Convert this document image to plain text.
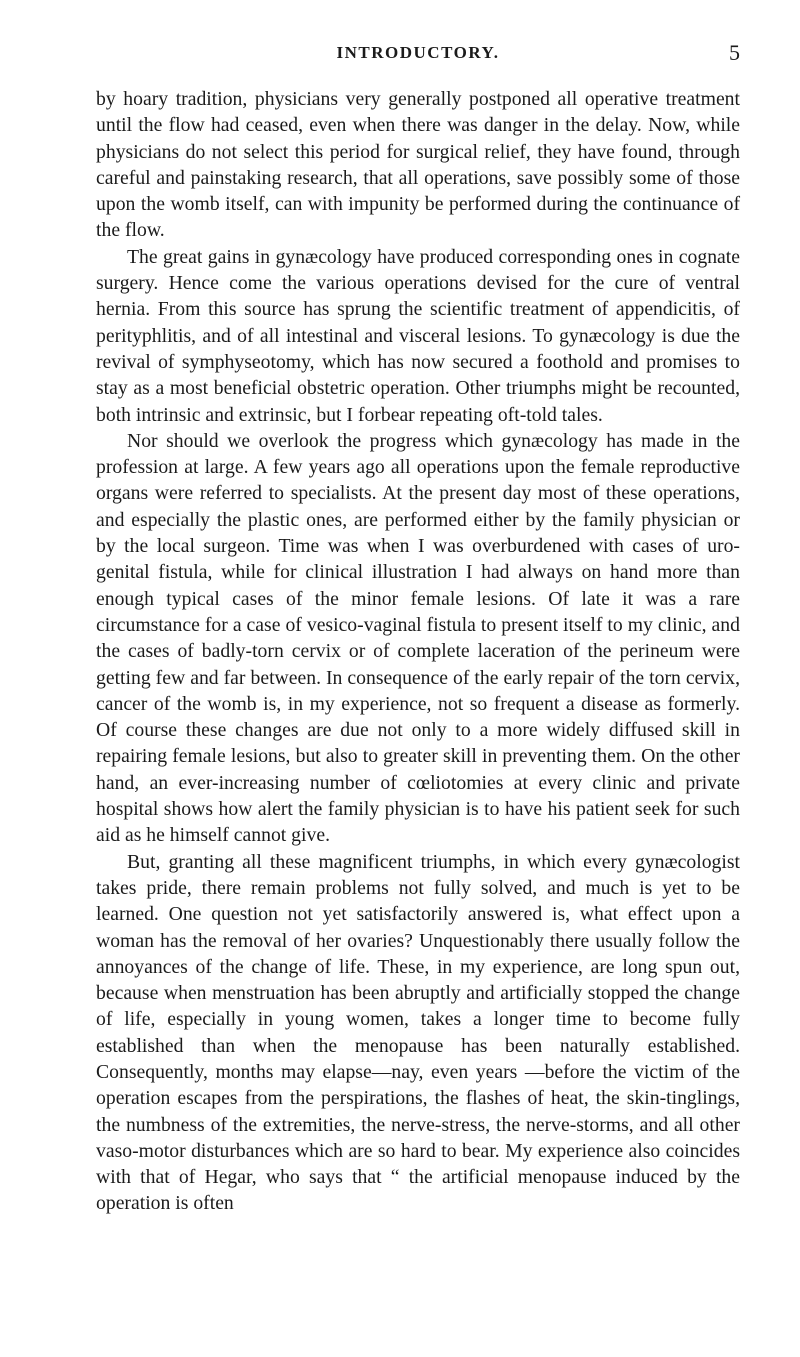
INTRODUCTORY.	5

by hoary tradition, physicians very generally postponed all operative treatment until the flow had ceased, even when there was danger in the delay. Now, while physicians do not select this period for surgical relief, they have found, through careful and painstaking research, that all operations, save possibly some of those upon the womb itself, can with impunity be performed during the continuance of the flow.

The great gains in gynæcology have produced corresponding ones in cognate surgery. Hence come the various operations devised for the cure of ventral hernia. From this source has sprung the scientific treatment of appendicitis, of perityphlitis, and of all intestinal and visceral lesions. To gynæcology is due the revival of symphyseotomy, which has now secured a foothold and promises to stay as a most beneficial obstetric operation. Other triumphs might be recounted, both intrinsic and extrinsic, but I forbear repeating oft-told tales.

Nor should we overlook the progress which gynæcology has made in the profession at large. A few years ago all operations upon the female reproductive organs were referred to specialists. At the present day most of these operations, and especially the plastic ones, are performed either by the family physician or by the local surgeon. Time was when I was overburdened with cases of uro-genital fistula, while for clinical illustration I had always on hand more than enough typical cases of the minor female lesions. Of late it was a rare circumstance for a case of vesico-vaginal fistula to present itself to my clinic, and the cases of badly-torn cervix or of complete laceration of the perineum were getting few and far between. In consequence of the early repair of the torn cervix, cancer of the womb is, in my experience, not so frequent a disease as formerly. Of course these changes are due not only to a more widely diffused skill in repairing female lesions, but also to greater skill in preventing them. On the other hand, an ever-increasing number of cœliotomies at every clinic and private hospital shows how alert the family physician is to have his patient seek for such aid as he himself cannot give.

But, granting all these magnificent triumphs, in which every gynæcologist takes pride, there remain problems not fully solved, and much is yet to be learned. One question not yet satisfactorily answered is, what effect upon a woman has the removal of her ovaries? Unquestionably there usually follow the annoyances of the change of life. These, in my experience, are long spun out, because when menstruation has been abruptly and artificially stopped the change of life, especially in young women, takes a longer time to become fully established than when the menopause has been naturally established. Consequently, months may elapse—nay, even years —before the victim of the operation escapes from the perspirations, the flashes of heat, the skin-tinglings, the numbness of the extremities, the nerve-stress, the nerve-storms, and all other vaso-motor disturbances which are so hard to bear. My experience also coincides with that of Hegar, who says that “ the artificial menopause induced by the operation is often
